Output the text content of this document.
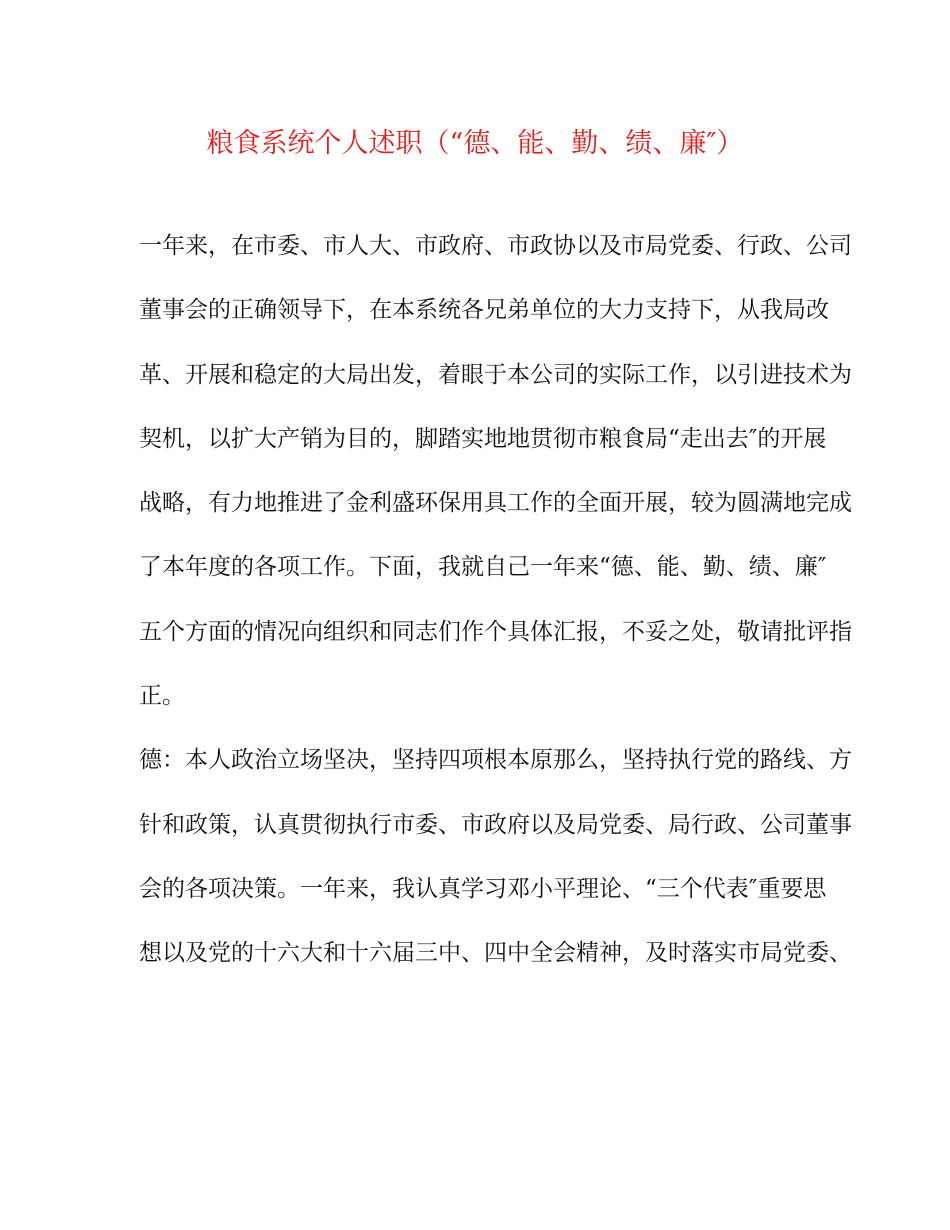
粮食系统个人述职（“德、能、勤、绩、廉″）
一年来，在市委、市人大、市政府、市政协以及市局党委、行政、公司
董事会的正确领导下，在本系统各兄弟单位的大力支持下，从我局改
革、开展和稳定的大局出发，着眼于本公司的实际工作，以引进技术为
契机，以扩大产销为目的，脚踏实地地贯彻市粮食局“走出去″的开展
战略，有力地推进了金利盛环保用具工作的全面开展，较为圆满地完成
了本年度的各项工作。下面，我就自己一年来“德、能、勤、绩、廉″
五个方面的情况向组织和同志们作个具体汇报，不妥之处，敬请批评指
正。
德：本人政治立场坚决，坚持四项根本原那么，坚持执行党的路线、方
针和政策，认真贯彻执行市委、市政府以及局党委、局行政、公司董事
会的各项决策。一年来，我认真学习邓小平理论、“三个代表″重要思
想以及党的十六大和十六届三中、四中全会精神，及时落实市局党委、
